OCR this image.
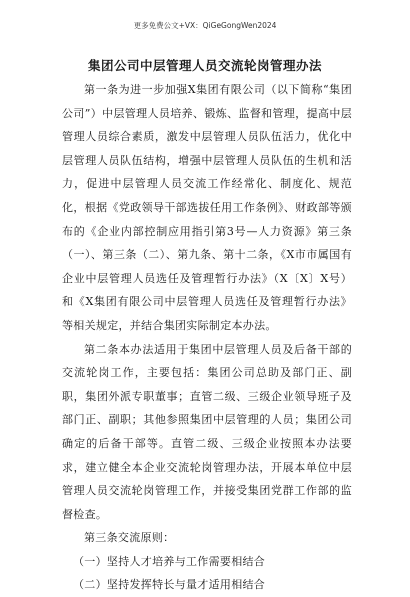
更多免费公文+VX：QiGeGongWen2024
集团公司中层管理人员交流轮岗管理办法

第一条为进一步加强X集团有限公司（以下简称“集团公司”）中层管理人员培养、锻炼、监督和管理，提高中层管理人员综合素质，激发中层管理人员队伍活力，优化中层管理人员队伍结构，增强中层管理人员队伍的生机和活力，促进中层管理人员交流工作经常化、制度化、规范化，根据《党政领导干部选拔任用工作条例》、财政部等颁布的《企业内部控制应用指引第3号—人力资源》第三条（一）、第三条（二）、第九条、第十二条，《X市市属国有企业中层管理人员选任及管理暂行办法》（X〔X〕X号）和《X集团有限公司中层管理人员选任及管理暂行办法》等相关规定，并结合集团实际制定本办法。

第二条本办法适用于集团中层管理人员及后备干部的交流轮岗工作，主要包括：集团公司总助及部门正、副职，集团外派专职董事；直管二级、三级企业领导班子及部门正、副职；其他参照集团中层管理的人员；集团公司确定的后备干部等。直管二级、三级企业按照本办法要求，建立健全本企业交流轮岗管理办法，开展本单位中层管理人员交流轮岗管理工作，并接受集团党群工作部的监督检查。

第三条交流原则：

（一）坚持人才培养与工作需要相结合

（二）坚持发挥特长与量才适用相结合
